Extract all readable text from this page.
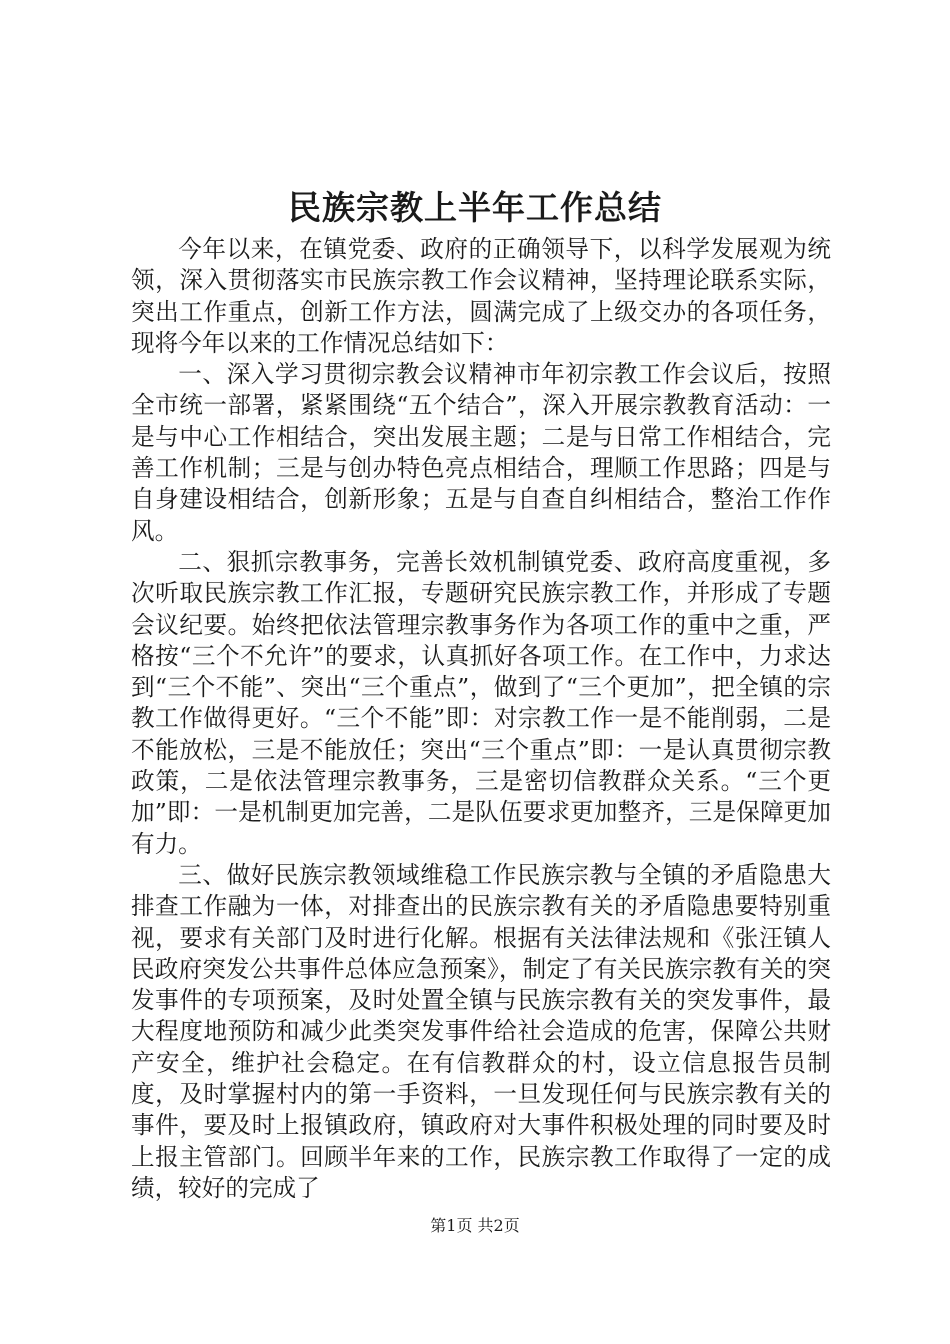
民族宗教上半年工作总结

今年以来，在镇党委、政府的正确领导下，以科学发展观为统领，深入贯彻落实市民族宗教工作会议精神，坚持理论联系实际，突出工作重点，创新工作方法，圆满完成了上级交办的各项任务，现将今年以来的工作情况总结如下：

一、深入学习贯彻宗教会议精神市年初宗教工作会议后，按照全市统一部署，紧紧围绕“五个结合”，深入开展宗教教育活动：一是与中心工作相结合，突出发展主题；二是与日常工作相结合，完善工作机制；三是与创办特色亮点相结合，理顺工作思路；四是与自身建设相结合，创新形象；五是与自查自纠相结合，整治工作作风。

二、狠抓宗教事务，完善长效机制镇党委、政府高度重视，多次听取民族宗教工作汇报，专题研究民族宗教工作，并形成了专题会议纪要。始终把依法管理宗教事务作为各项工作的重中之重，严格按“三个不允许”的要求，认真抓好各项工作。在工作中，力求达到“三个不能”、突出“三个重点”，做到了“三个更加”，把全镇的宗教工作做得更好。“三个不能”即：对宗教工作一是不能削弱，二是不能放松，三是不能放任；突出“三个重点”即：一是认真贯彻宗教政策，二是依法管理宗教事务，三是密切信教群众关系。“三个更加”即：一是机制更加完善，二是队伍要求更加整齐，三是保障更加有力。

三、做好民族宗教领域维稳工作民族宗教与全镇的矛盾隐患大排查工作融为一体，对排查出的民族宗教有关的矛盾隐患要特别重视，要求有关部门及时进行化解。根据有关法律法规和《张汪镇人民政府突发公共事件总体应急预案》，制定了有关民族宗教有关的突发事件的专项预案，及时处置全镇与民族宗教有关的突发事件，最大程度地预防和减少此类突发事件给社会造成的危害，保障公共财产安全，维护社会稳定。在有信教群众的村，设立信息报告员制度，及时掌握村内的第一手资料，一旦发现任何与民族宗教有关的事件，要及时上报镇政府，镇政府对大事件积极处理的同时要及时上报主管部门。回顾半年来的工作，民族宗教工作取得了一定的成绩，较好的完成了

第1页 共2页
